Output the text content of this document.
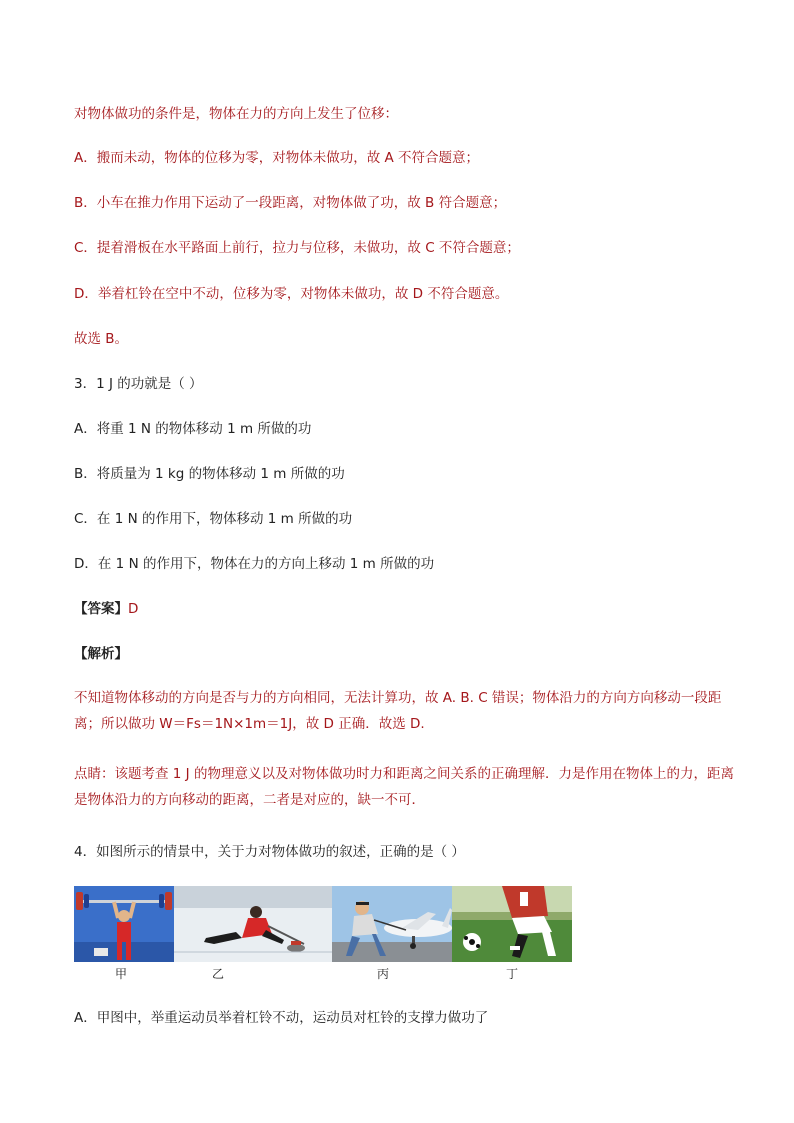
对物体做功的条件是，物体在力的方向上发生了位移：
A．搬而未动，物体的位移为零，对物体未做功，故 A 不符合题意；
B．小车在推力作用下运动了一段距离，对物体做了功，故 B 符合题意；
C．提着滑板在水平路面上前行，拉力与位移，未做功，故 C 不符合题意；
D．举着杠铃在空中不动，位移为零，对物体未做功，故 D 不符合题意。
故选 B。
3．1 J 的功就是（ ）
A．将重 1 N 的物体移动 1 m 所做的功
B．将质量为 1 kg 的物体移动 1 m 所做的功
C．在 1 N 的作用下，物体移动 1 m 所做的功
D．在 1 N 的作用下，物体在力的方向上移动 1 m 所做的功
【答案】D
【解析】
不知道物体移动的方向是否与力的方向相同，无法计算功，故 A. B. C 错误；物体沿力的方向方向移动一段距离；所以做功 W＝Fs＝1N×1m＝1J，故 D 正确．故选 D.
点睛：该题考查 1 J 的物理意义以及对物体做功时力和距离之间关系的正确理解．力是作用在物体上的力，距离是物体沿力的方向移动的距离，二者是对应的，缺一不可．
4．如图所示的情景中，关于力对物体做功的叙述，正确的是（ ）
甲	乙	丙	丁
A．甲图中，举重运动员举着杠铃不动，运动员对杠铃的支撑力做功了
